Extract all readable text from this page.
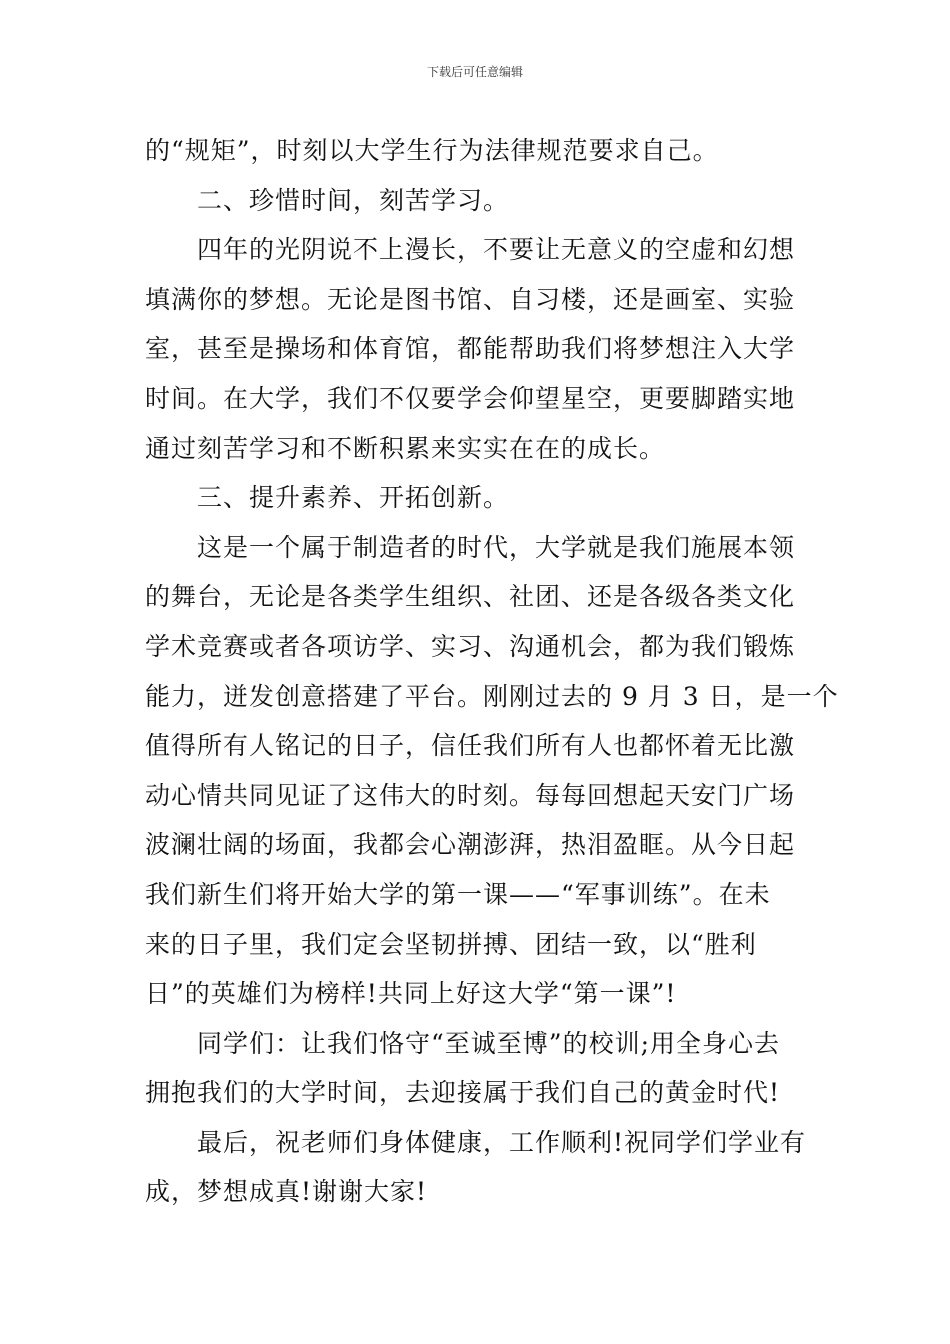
下载后可任意编辑
的“规矩”，时刻以大学生行为法律规范要求自己。
二、珍惜时间，刻苦学习。
四年的光阴说不上漫长，不要让无意义的空虚和幻想
填满你的梦想。无论是图书馆、自习楼，还是画室、实验
室，甚至是操场和体育馆，都能帮助我们将梦想注入大学
时间。在大学，我们不仅要学会仰望星空，更要脚踏实地
通过刻苦学习和不断积累来实实在在的成长。
三、提升素养、开拓创新。
这是一个属于制造者的时代，大学就是我们施展本领
的舞台，无论是各类学生组织、社团、还是各级各类文化
学术竞赛或者各项访学、实习、沟通机会，都为我们锻炼
能力，迸发创意搭建了平台。刚刚过去的 9 月 3 日，是一个
值得所有人铭记的日子，信任我们所有人也都怀着无比激
动心情共同见证了这伟大的时刻。每每回想起天安门广场
波澜壮阔的场面，我都会心潮澎湃，热泪盈眶。从今日起
我们新生们将开始大学的第一课——“军事训练”。在未
来的日子里，我们定会坚韧拼搏、团结一致，以“胜利
日”的英雄们为榜样!共同上好这大学“第一课”!
同学们：让我们恪守“至诚至博”的校训;用全身心去
拥抱我们的大学时间，去迎接属于我们自己的黄金时代!
最后，祝老师们身体健康，工作顺利!祝同学们学业有
成，梦想成真!谢谢大家!
